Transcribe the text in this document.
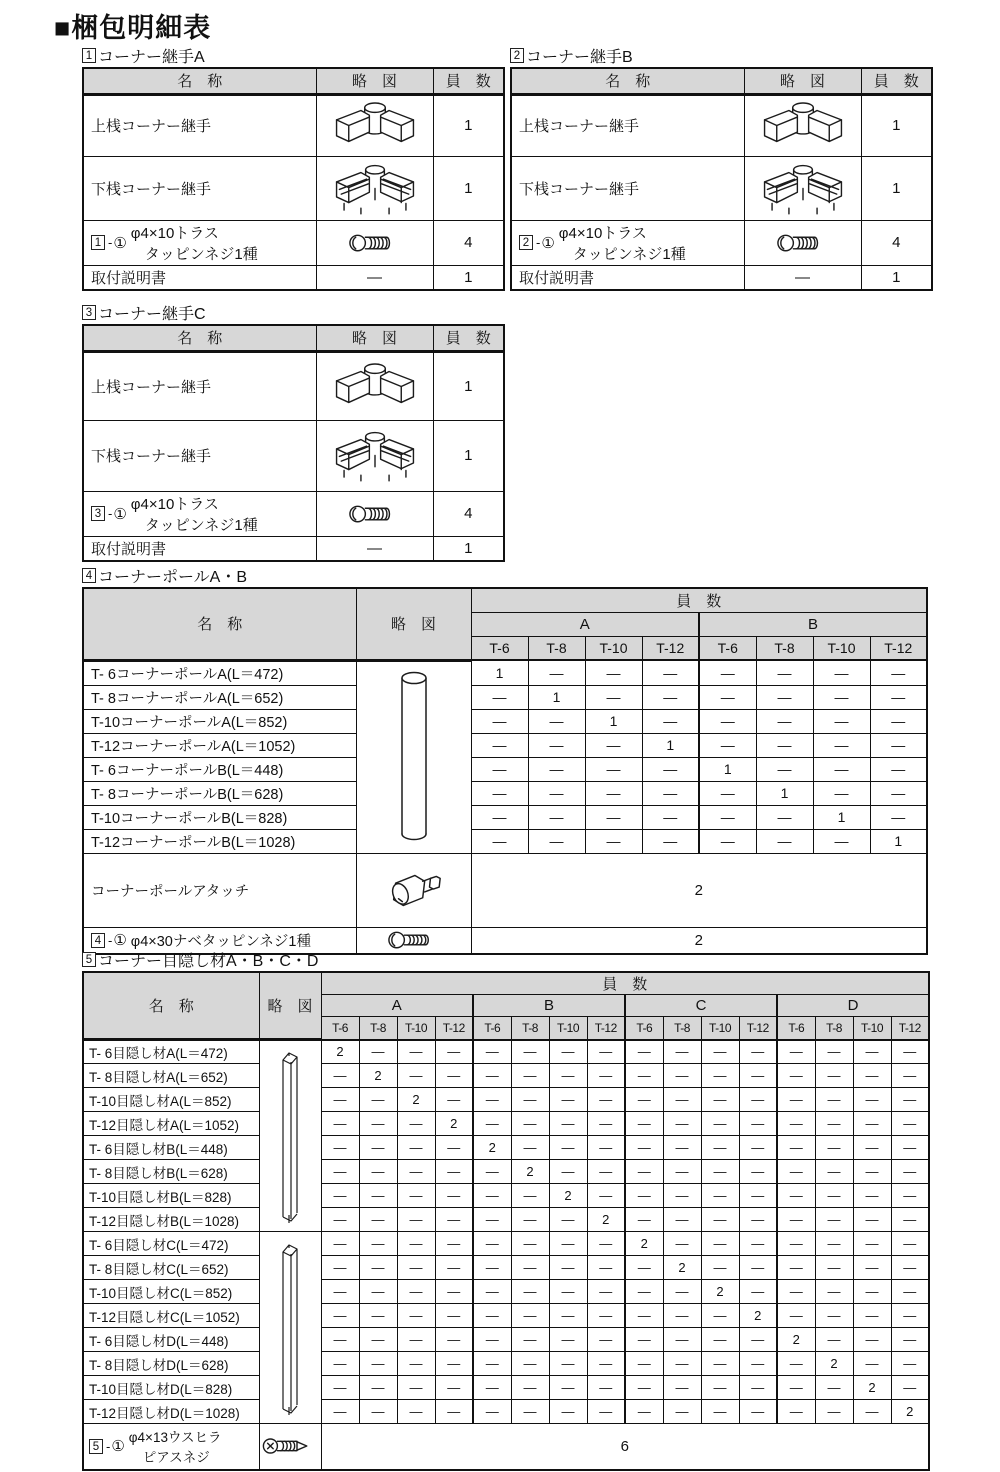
■梱包明細表
1 コーナー継手A
名　称	略　図	員　数

上桟コーナー継手		1

下桟コーナー継手		1

1 - ①
φ4×10トラス
タッピンネジ1種		4

取付説明書	—	1
2 コーナー継手B
名　称	略　図	員　数

上桟コーナー継手		1

下桟コーナー継手		1

2 - ①
φ4×10トラス
タッピンネジ1種		4

取付説明書	—	1
3 コーナー継手C
名　称	略　図	員　数

上桟コーナー継手		1

下桟コーナー継手		1

3 - ①
φ4×10トラス
タッピンネジ1種		4

取付説明書	—	1
4 コーナーポールA・B
名　称	略　図	員　数							
		A				B			
		T-6	T-8	T-10	T-12	T-6	T-8	T-10	T-12

T- 6コーナーポールA(L＝472)		1	—	—	—	—	—	—	—

T- 8コーナーポールA(L＝652)		—	1	—	—	—	—	—	—

T-10コーナーポールA(L＝852)		—	—	1	—	—	—	—	—

T-12コーナーポールA(L＝1052)		—	—	—	1	—	—	—	—

T- 6コーナーポールB(L＝448)		—	—	—	—	1	—	—	—

T- 8コーナーポールB(L＝628)		—	—	—	—	—	1	—	—

T-10コーナーポールB(L＝828)		—	—	—	—	—	—	1	—

T-12コーナーポールB(L＝1028)		—	—	—	—	—	—	—	1

コーナーポールアタッチ		2							

4 - ① φ4×30ナベタッピンネジ1種		2							
5 コーナー目隠し材A・B・C・D
名　称	略　図	員　数															
		A				B				C				D			
		T-6	T-8	T-10	T-12	T-6	T-8	T-10	T-12	T-6	T-8	T-10	T-12	T-6	T-8	T-10	T-12

T- 6目隠し材A(L＝472)		2	—	—	—	—	—	—	—	—	—	—	—	—	—	—	—

T- 8目隠し材A(L＝652)		—	2	—	—	—	—	—	—	—	—	—	—	—	—	—	—

T-10目隠し材A(L＝852)		—	—	2	—	—	—	—	—	—	—	—	—	—	—	—	—

T-12目隠し材A(L＝1052)		—	—	—	2	—	—	—	—	—	—	—	—	—	—	—	—

T- 6目隠し材B(L＝448)		—	—	—	—	2	—	—	—	—	—	—	—	—	—	—	—

T- 8目隠し材B(L＝628)		—	—	—	—	—	2	—	—	—	—	—	—	—	—	—	—

T-10目隠し材B(L＝828)		—	—	—	—	—	—	2	—	—	—	—	—	—	—	—	—

T-12目隠し材B(L＝1028)		—	—	—	—	—	—	—	2	—	—	—	—	—	—	—	—

T- 6目隠し材C(L＝472)		—	—	—	—	—	—	—	—	2	—	—	—	—	—	—	—

T- 8目隠し材C(L＝652)		—	—	—	—	—	—	—	—	—	2	—	—	—	—	—	—

T-10目隠し材C(L＝852)		—	—	—	—	—	—	—	—	—	—	2	—	—	—	—	—

T-12目隠し材C(L＝1052)		—	—	—	—	—	—	—	—	—	—	—	2	—	—	—	—

T- 6目隠し材D(L＝448)		—	—	—	—	—	—	—	—	—	—	—	—	2	—	—	—

T- 8目隠し材D(L＝628)		—	—	—	—	—	—	—	—	—	—	—	—	—	2	—	—

T-10目隠し材D(L＝828)		—	—	—	—	—	—	—	—	—	—	—	—	—	—	2	—

T-12目隠し材D(L＝1028)		—	—	—	—	—	—	—	—	—	—	—	—	—	—	—	2

5 - ①
φ4×13ウスヒラ
ピアスネジ		6															
